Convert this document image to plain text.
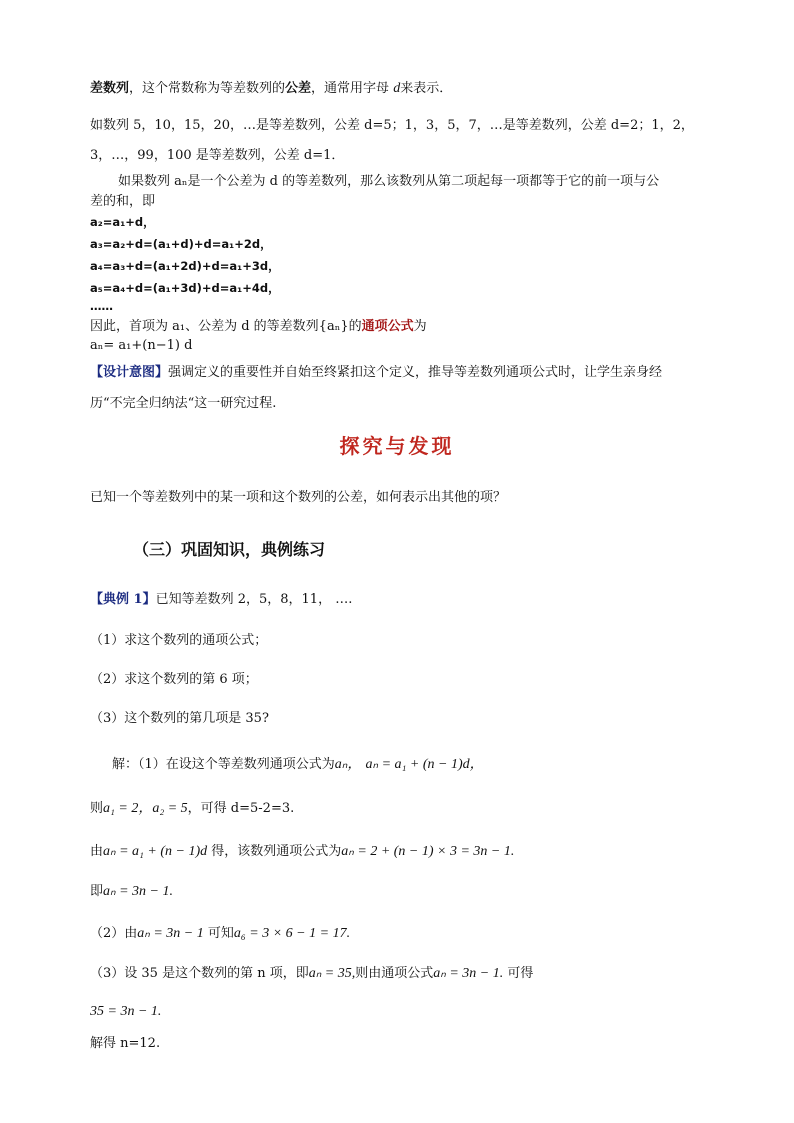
差数列，这个常数称为等差数列的公差，通常用字母 d来表示．
如数列 5，10，15，20，…是等差数列，公差 d=5；1，3，5，7，…是等差数列，公差 d=2；1，2，
3，…，99，100 是等差数列，公差 d=1．
如果数列 aₙ是一个公差为 d 的等差数列，那么该数列从第二项起每一项都等于它的前一项与公
差的和，即
a₂=a₁+d，
a₃=a₂+d=(a₁+d)+d=a₁+2d，
a₄=a₃+d=(a₁+2d)+d=a₁+3d，
a₅=a₄+d=(a₁+3d)+d=a₁+4d，
……
因此，首项为 a₁、公差为 d 的等差数列{aₙ}的通项公式为
aₙ= a₁+(n−1) d
【设计意图】强调定义的重要性并自始至终紧扣这个定义，推导等差数列通项公式时，让学生亲身经
历“不完全归纳法“这一研究过程.
探究与发现
已知一个等差数列中的某一项和这个数列的公差，如何表示出其他的项？
（三）巩固知识，典例练习
【典例 1】已知等差数列 2，5，8，11， ….
（1）求这个数列的通项公式；
（2）求这个数列的第 6 项；
（3）这个数列的第几项是 35?
解：（1）在设这个等差数列通项公式为aₙ， aₙ = a₁ + (n − 1)d，
则a₁ = 2，a₂ = 5，可得 d=5-2=3.
由aₙ = a₁ + (n − 1)d 得，该数列通项公式为aₙ = 2 + (n − 1) × 3 = 3n − 1.
即aₙ = 3n − 1.
（2）由aₙ = 3n − 1 可知a₆ = 3 × 6 − 1 = 17.
（3）设 35 是这个数列的第 n 项，即aₙ = 35,则由通项公式aₙ = 3n − 1. 可得
35 = 3n − 1.
解得 n=12.
